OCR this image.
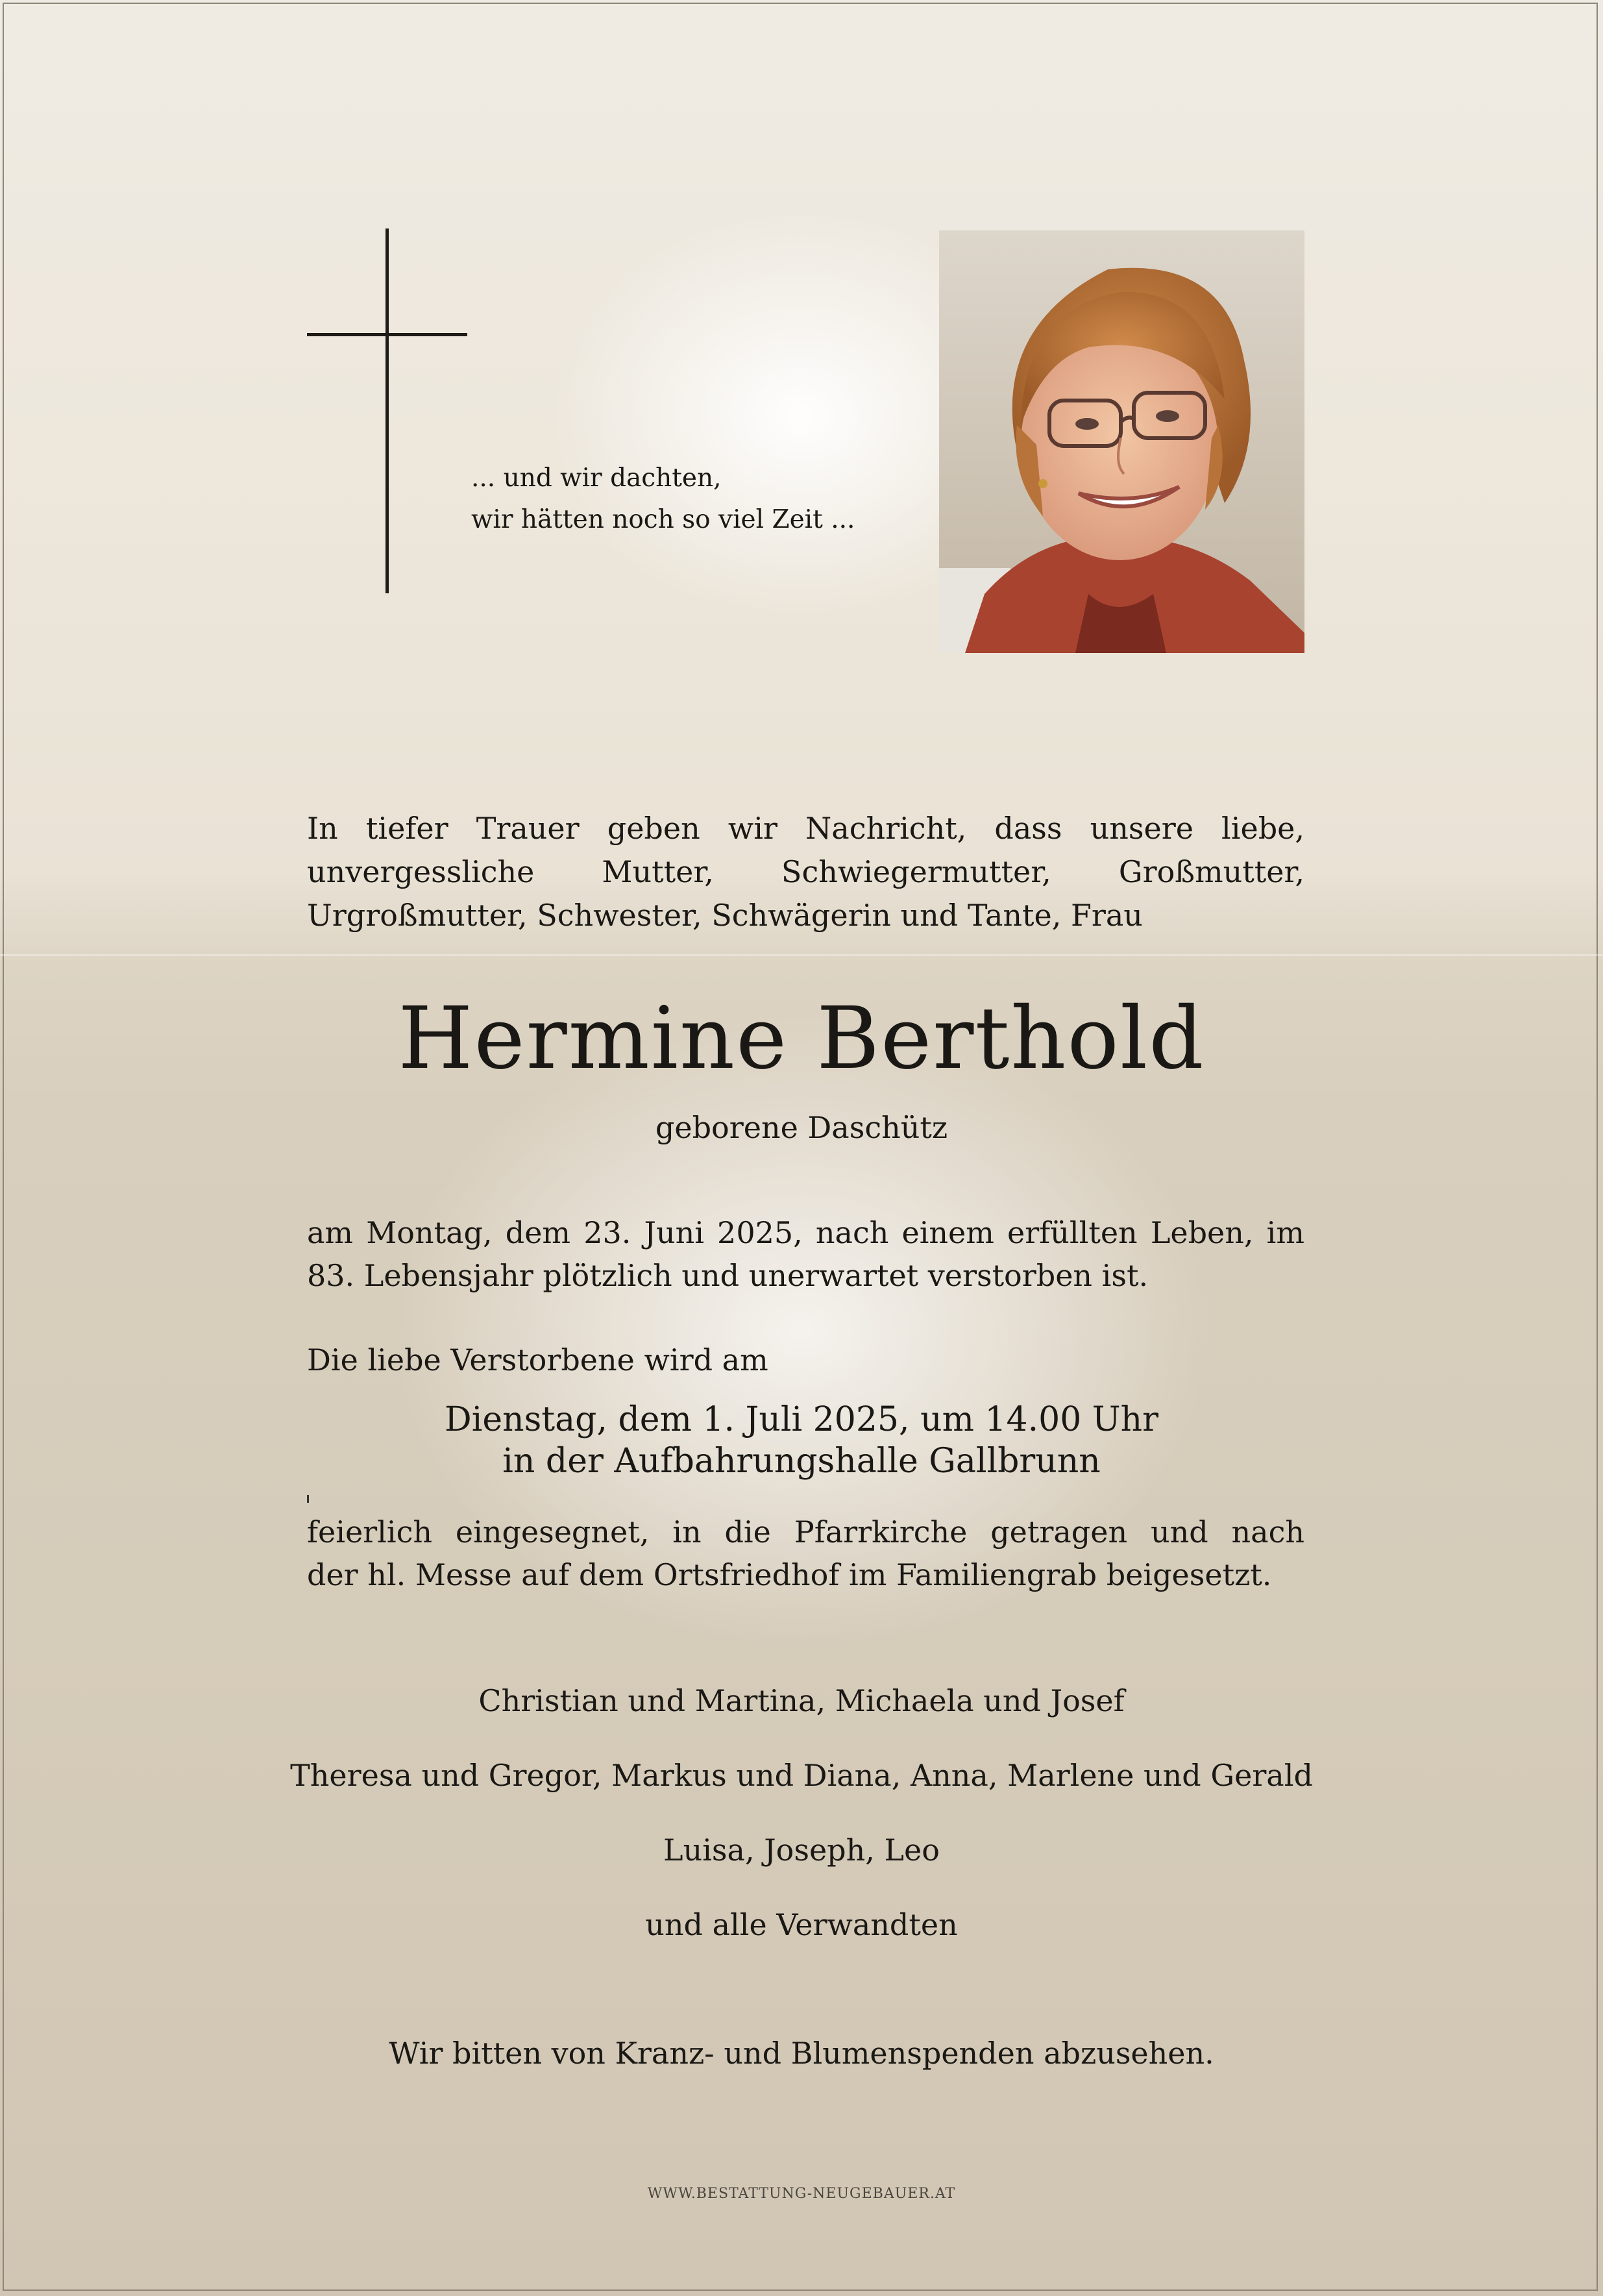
... und wir dachten,
wir hätten noch so viel Zeit ...
In tiefer Trauer geben wir Nachricht, dass unsere liebe,
unvergessliche Mutter, Schwiegermutter, Großmutter,
Urgroßmutter, Schwester, Schwägerin und Tante, Frau
Hermine Berthold
geborene Daschütz
am Montag, dem 23. Juni 2025, nach einem erfüllten Leben, im
83. Lebensjahr plötzlich und unerwartet verstorben ist.
Die liebe Verstorbene wird am
Dienstag, dem 1. Juli 2025, um 14.00 Uhr
in der Aufbahrungshalle Gallbrunn
feierlich eingesegnet, in die Pfarrkirche getragen und nach
der hl. Messe auf dem Ortsfriedhof im Familiengrab beigesetzt.
Christian und Martina, Michaela und Josef
Theresa und Gregor, Markus und Diana, Anna, Marlene und Gerald
Luisa, Joseph, Leo
und alle Verwandten
Wir bitten von Kranz- und Blumenspenden abzusehen.
WWW.BESTATTUNG-NEUGEBAUER.AT
